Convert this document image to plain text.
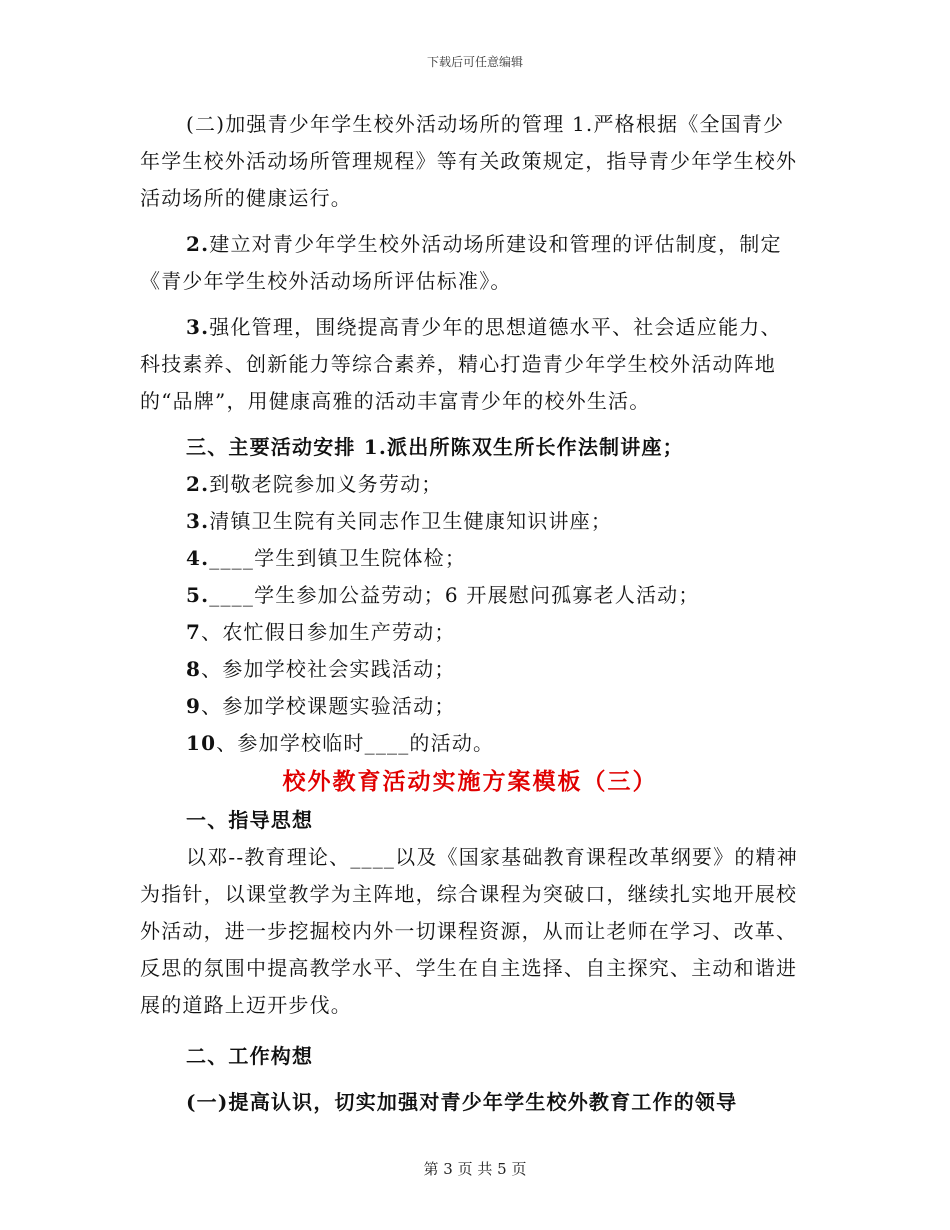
下载后可任意编辑

(二)加强青少年学生校外活动场所的管理 1.严格根据《全国青少年学生校外活动场所管理规程》等有关政策规定，指导青少年学生校外活动场所的健康运行。

2.建立对青少年学生校外活动场所建设和管理的评估制度，制定《青少年学生校外活动场所评估标准》。

3.强化管理，围绕提高青少年的思想道德水平、社会适应能力、科技素养、创新能力等综合素养，精心打造青少年学生校外活动阵地的“品牌”，用健康高雅的活动丰富青少年的校外生活。

三、主要活动安排 1.派出所陈双生所长作法制讲座；

2.到敬老院参加义务劳动；

3.清镇卫生院有关同志作卫生健康知识讲座；

4.____学生到镇卫生院体检；

5.____学生参加公益劳动；6 开展慰问孤寡老人活动；

7、农忙假日参加生产劳动；

8、参加学校社会实践活动；

9、参加学校课题实验活动；

10、参加学校临时____的活动。

校外教育活动实施方案模板（三）

一、指导思想

以邓--教育理论、____以及《国家基础教育课程改革纲要》的精神为指针，以课堂教学为主阵地，综合课程为突破口，继续扎实地开展校外活动，进一步挖掘校内外一切课程资源，从而让老师在学习、改革、反思的氛围中提高教学水平、学生在自主选择、自主探究、主动和谐进展的道路上迈开步伐。

二、工作构想

(一)提高认识，切实加强对青少年学生校外教育工作的领导

第 3 页 共 5 页
